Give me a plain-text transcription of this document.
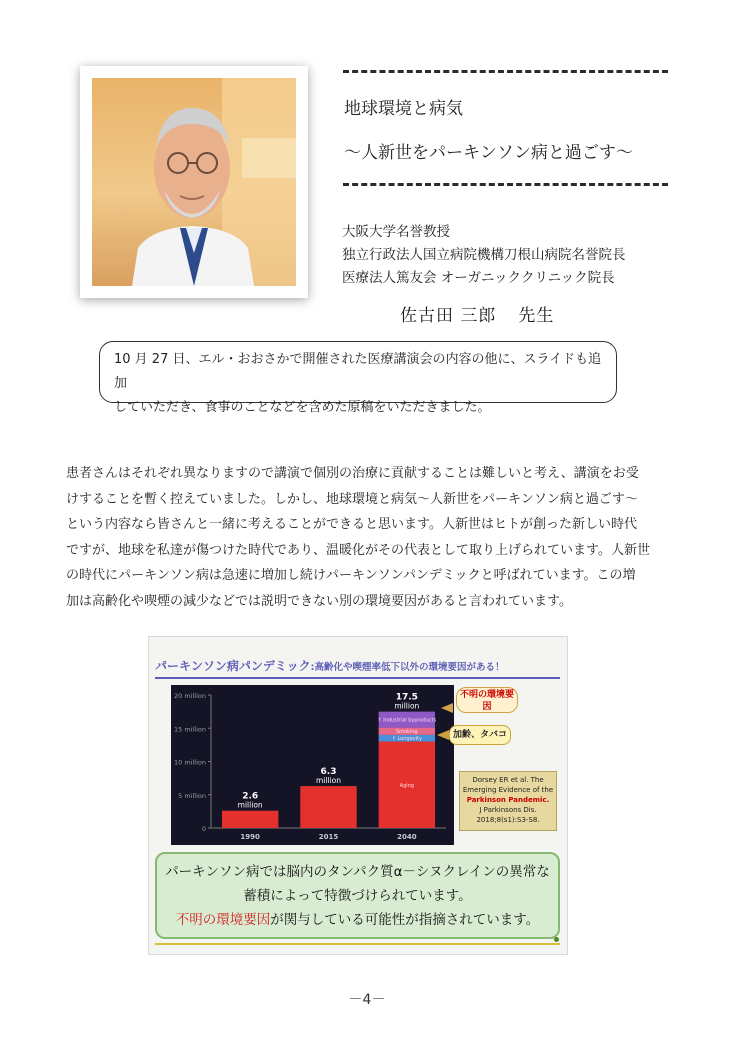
地球環境と病気
～人新世をパーキンソン病と過ごす～
大阪大学名誉教授
独立行政法人国立病院機構刀根山病院名誉院長
医療法人篤友会 オーガニッククリニック院長
佐古田 三郎 先生

10 月 27 日、エル・おおさかで開催された医療講演会の内容の他に、スライドも追加

していただき、食事のことなどを含めた原稿をいただきました。

患者さんはそれぞれ異なりますので講演で個別の治療に貢献することは難しいと考え、講演をお受
けすることを暫く控えていました。しかし、地球環境と病気～人新世をパーキンソン病と過ごす～
という内容なら皆さんと一緒に考えることができると思います。人新世はヒトが創った新しい時代
ですが、地球を私達が傷つけた時代であり、温暖化がその代表として取り上げられています。人新世
の時代にパーキンソン病は急速に増加し続けパーキンソンパンデミックと呼ばれています。この増
加は高齢化や喫煙の減少などでは説明できない別の環境要因があると言われています。
パーキンソン病パンデミック:高齢化や喫煙率低下以外の環境要因がある！
0
5 million
10 million
15 million
20 million
2.6
million
1990
6.3
million
2015
Aging
↑ Longevity
Smoking
↑ Industrial byproducts
17.5
million
2040
不明の環境要因
加齢、タバコ
Dorsey ER et al. The
Emerging Evidence of the
Parkinson Pandemic.
J Parkinsons Dis.
2018;8(s1):S3-S8.
パーキンソン病では脳内のタンパク質α－シヌクレインの異常な
蓄積によって特徴づけられています。
不明の環境要因が関与している可能性が指摘されています。
－4－
